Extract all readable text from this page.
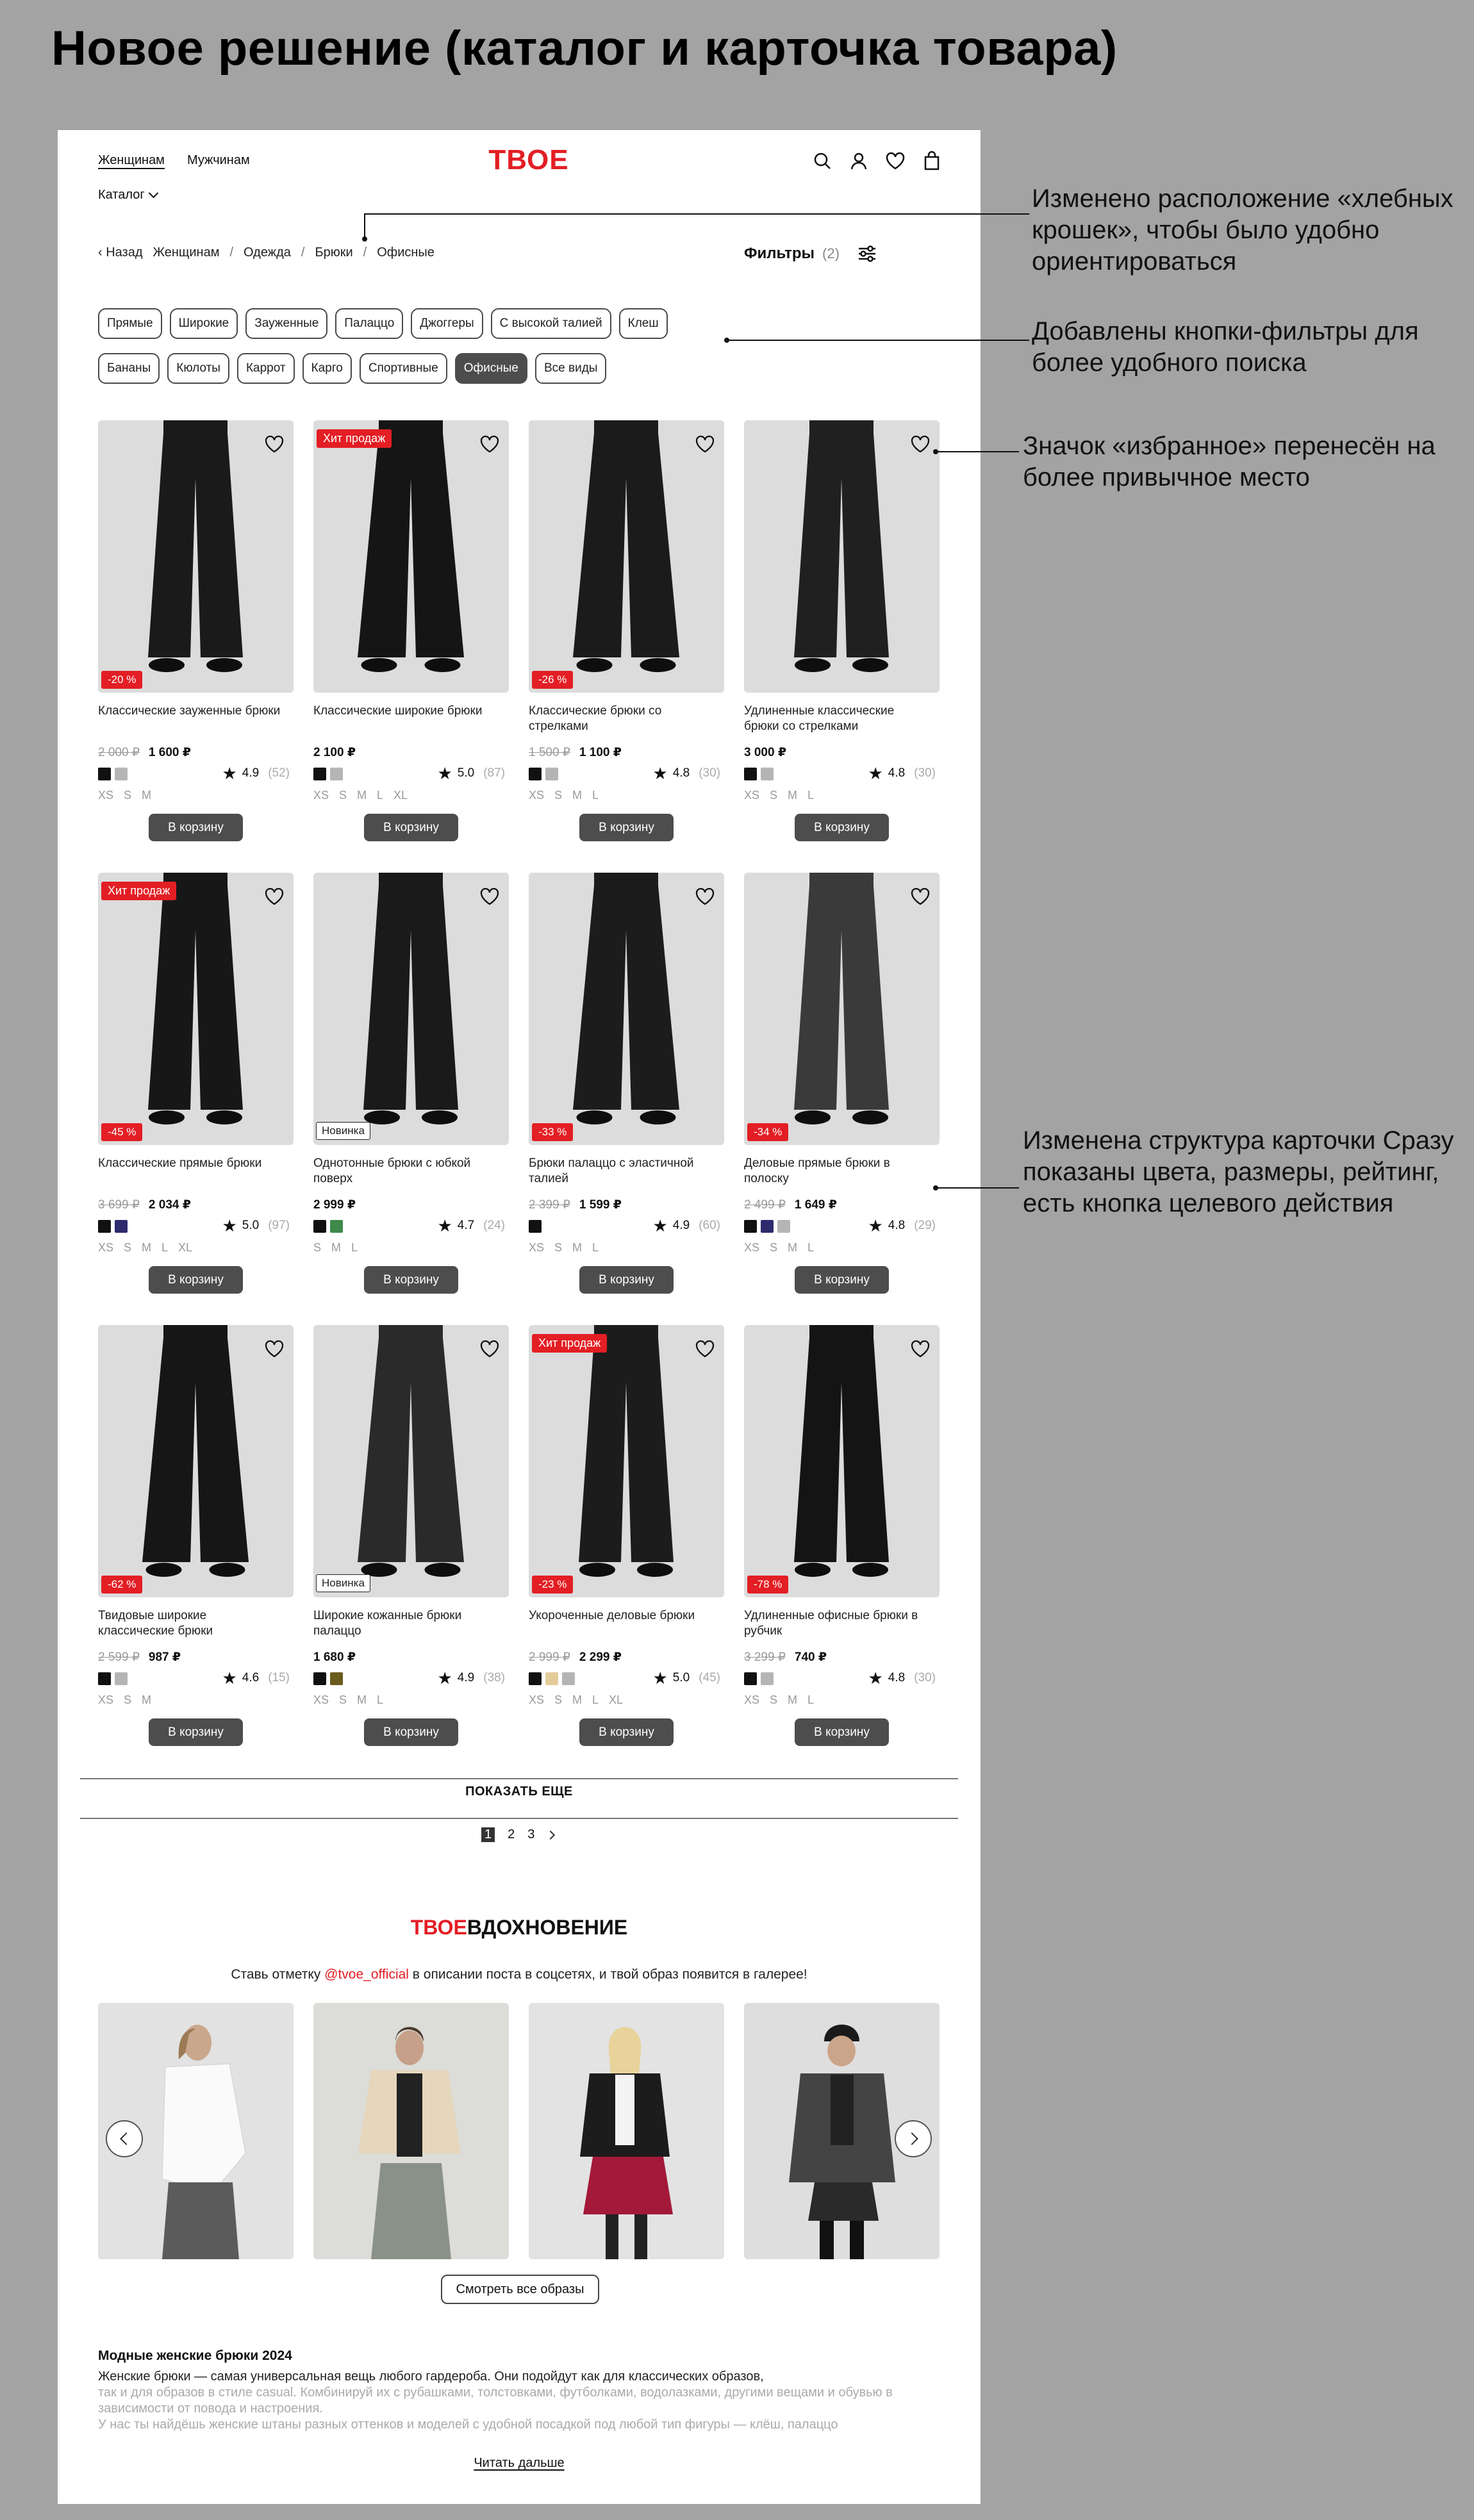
Новое решение (каталог и карточка товара)
Женщинам Мужчинам
Каталог
ТВОЕ
‹ Назад Женщинам / Одежда / Брюки / Офисные	Фильтры (2)
Прямые	Широкие	Зауженные	Палаццо	Джоггеры	С высокой талией	Клеш
Бананы	Кюлоты	Каррот	Карго	Спортивные	Офисные	Все виды
-20 %
Классические зауженные брюки
2 000 ₽ 1 600 ₽
★ 4.9 (52)
XS S M
В корзину
Хит продаж
Классические широкие брюки
2 100 ₽
★ 5.0 (87)
XS S M L XL
В корзину
-26 %
Классические брюки со стрелками
1 500 ₽ 1 100 ₽
★ 4.8 (30)
XS S M L
В корзину
Удлиненные классические брюки со стрелками
3 000 ₽
★ 4.8 (30)
XS S M L
В корзину
Хит продаж
-45 %
Классические прямые брюки
3 699 ₽ 2 034 ₽
★ 5.0 (97)
XS S M L XL
В корзину
Новинка
Однотонные брюки с юбкой поверх
2 999 ₽
★ 4.7 (24)
S M L
В корзину
-33 %
Брюки палаццо с эластичной талией
2 399 ₽ 1 599 ₽
★ 4.9 (60)
XS S M L
В корзину
-34 %
Деловые прямые брюки в полоску
2 499 ₽ 1 649 ₽
★ 4.8 (29)
XS S M L
В корзину
-62 %
Твидовые широкие классические брюки
2 599 ₽ 987 ₽
★ 4.6 (15)
XS S M
В корзину
Новинка
Широкие кожанные брюки палаццо
1 680 ₽
★ 4.9 (38)
XS S M L
В корзину
Хит продаж
-23 %
Укороченные деловые брюки
2 999 ₽ 2 299 ₽
★ 5.0 (45)
XS S M L XL
В корзину
-78 %
Удлиненные офисные брюки в рубчик
3 299 ₽ 740 ₽
★ 4.8 (30)
XS S M L
В корзину
ПОКАЗАТЬ ЕЩЕ
1 2 3
ТВОЕВДОХНОВЕНИЕ
Ставь отметку @tvoe_official в описании поста в соцсетях, и твой образ появится в галерее!
Смотреть все образы
Модные женские брюки 2024
Женские брюки — самая универсальная вещь любого гардероба. Они подойдут как для классических образов,
так и для образов в стиле casual. Комбинируй их с рубашками, толстовками, футболками, водолазками, другими вещами и обувью в зависимости от повода и настроения.
У нас ты найдёшь женские штаны разных оттенков и моделей с удобной посадкой под любой тип фигуры — клёш, палаццо
Читать дальше
Изменено расположение «хлебных крошек», чтобы было удобно ориентироваться
Добавлены кнопки-фильтры для более удобного поиска
Значок «избранное» перенесён на более привычное место
Изменена структура карточки Сразу показаны цвета, размеры, рейтинг, есть кнопка целевого действия
